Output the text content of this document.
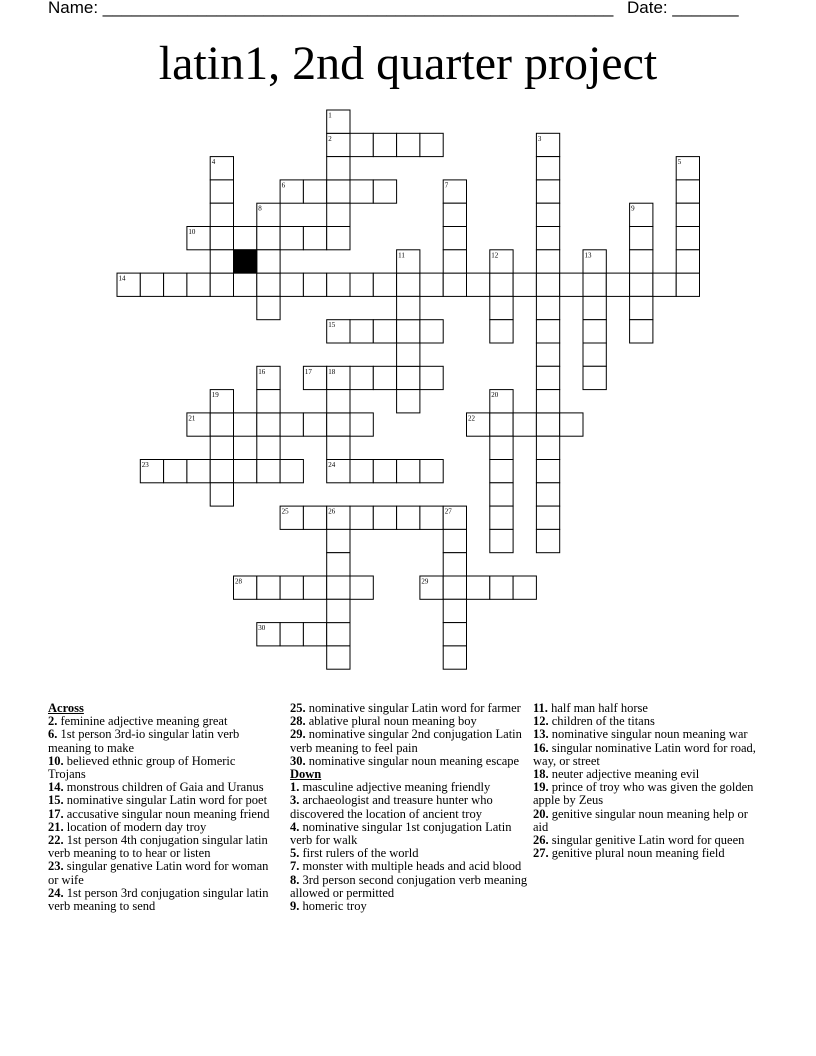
Name: ______________________________________________________ Date: _______
latin1, 2nd quarter project
1
2	3
4	5
6	7
8	9
10
11	12	13
14
15
16	17 18
19	20
21	22
23	24
25	26	27
28	29
30

Across

2. feminine adjective meaning great

6. 1st person 3rd-io singular latin verb meaning to make

10. believed ethnic group of Homeric Trojans

14. monstrous children of Gaia and Uranus

15. nominative singular Latin word for poet

17. accusative singular noun meaning friend

21. location of modern day troy

22. 1st person 4th conjugation singular latin verb meaning to to hear or listen

23. singular genative Latin word for woman or wife

24. 1st person 3rd conjugation singular latin verb meaning to send

25. nominative singular Latin word for farmer

28. ablative plural noun meaning boy

29. nominative singular 2nd conjugation Latin verb meaning to feel pain

30. nominative singular noun meaning escape

Down

1. masculine adjective meaning friendly

3. archaeologist and treasure hunter who discovered the location of ancient troy

4. nominative singular 1st conjugation Latin verb for walk

5. first rulers of the world

7. monster with multiple heads and acid blood

8. 3rd person second conjugation verb meaning allowed or permitted

9. homeric troy

11. half man half horse

12. children of the titans

13. nominative singular noun meaning war

16. singular nominative Latin word for road, way, or street

18. neuter adjective meaning evil

19. prince of troy who was given the golden apple by Zeus

20. genitive singular noun meaning help or aid

26. singular genitive Latin word for queen

27. genitive plural noun meaning field
